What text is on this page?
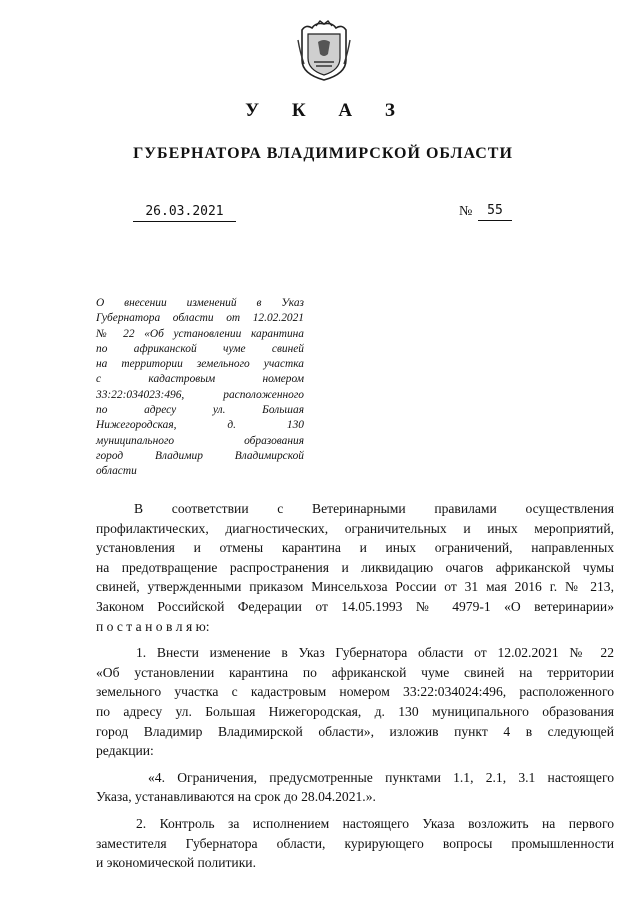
У К А З
ГУБЕРНАТОРА ВЛАДИМИРСКОЙ ОБЛАСТИ
26.03.2021	№	55
О внесении изменений в Указ
Губернатора области от 12.02.2021
№ 22 «Об установлении карантина
по африканской чуме свиней
на территории земельного участка
с кадастровым номером
33:22:034023:496, расположенного
по адресу ул. Большая
Нижегородская, д. 130
муниципального образования
город Владимир Владимирской
области
В соответствии с Ветеринарными правилами осуществления
профилактических, диагностических, ограничительных и иных мероприятий,
установления и отмены карантина и иных ограничений, направленных
на предотвращение распространения и ликвидацию очагов африканской чумы
свиней, утвержденными приказом Минсельхоза России от 31 мая 2016 г. № 213,
Законом Российской Федерации от 14.05.1993 № 4979-1 «О ветеринарии»
п о с т а н о в л я ю:
1. Внести изменение в Указ Губернатора области от 12.02.2021 № 22
«Об установлении карантина по африканской чуме свиней на территории
земельного участка с кадастровым номером 33:22:034024:496, расположенного
по адресу ул. Большая Нижегородская, д. 130 муниципального образования
город Владимир Владимирской области», изложив пункт 4 в следующей
редакции:
«4. Ограничения, предусмотренные пунктами 1.1, 2.1, 3.1 настоящего
Указа, устанавливаются на срок до 28.04.2021.».
2. Контроль за исполнением настоящего Указа возложить на первого
заместителя Губернатора области, курирующего вопросы промышленности
и экономической политики.
